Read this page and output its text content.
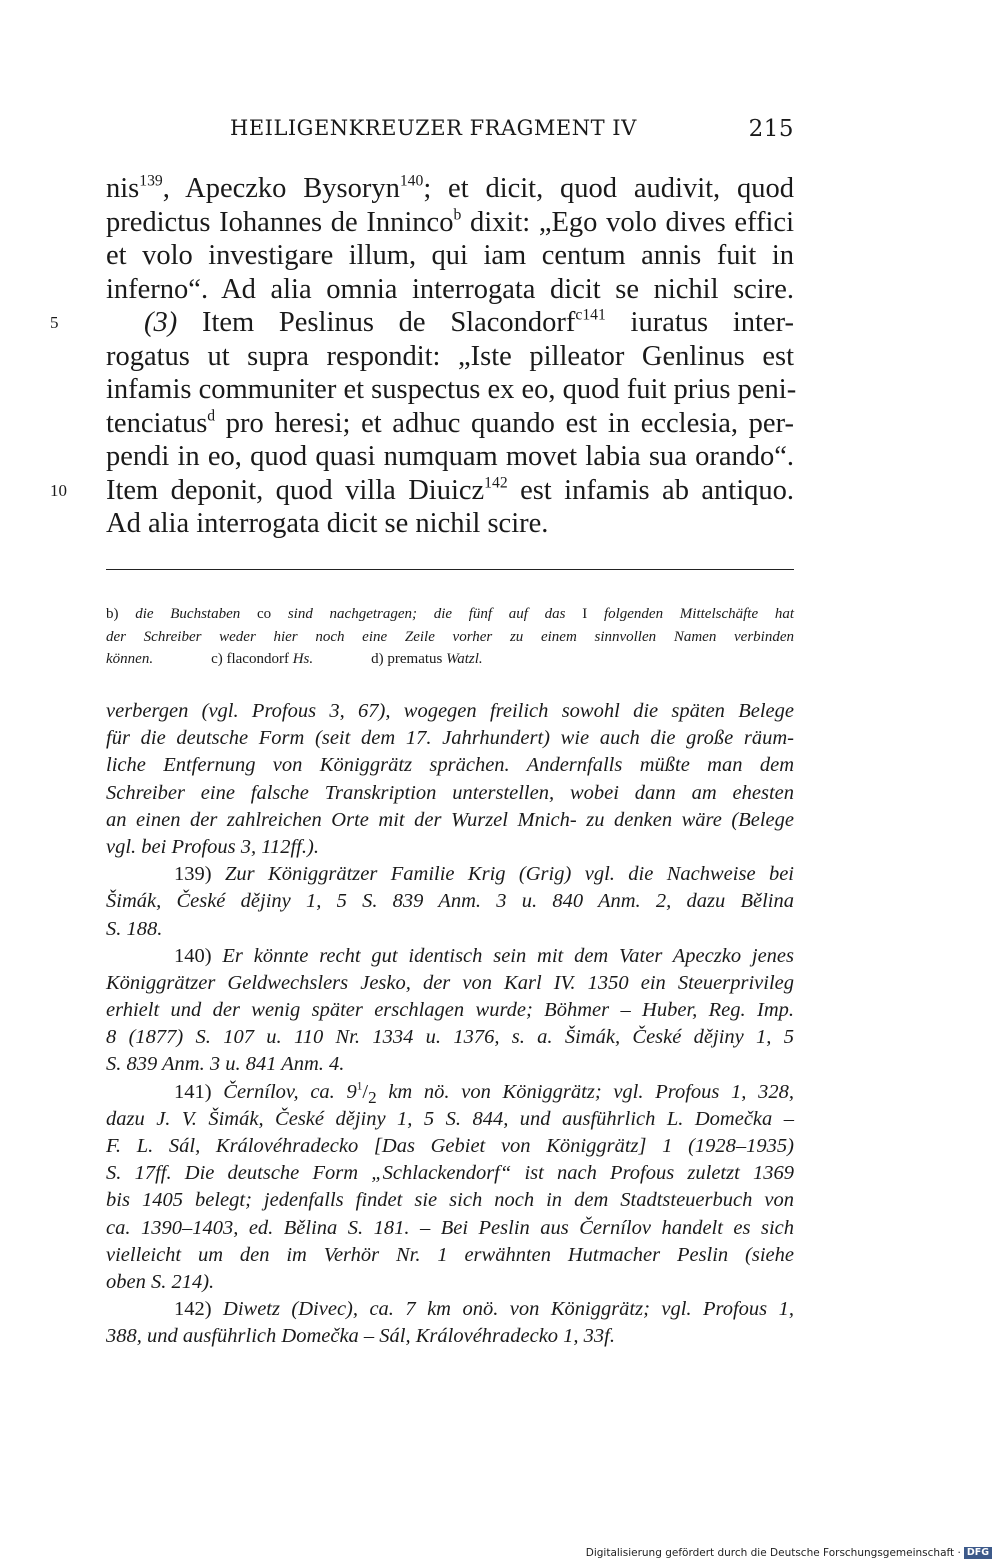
HEILIGENKREUZER FRAGMENT IV	215
nis$^{139}$, Apeczko Bysoryn$^{140}$; et dicit, quod audivit, quod
predictus Iohannes de Inninco$^b$ dixit: „Ego volo dives effici
et volo investigare illum, qui iam centum annis fuit in
inferno“. Ad alia omnia interrogata dicit se nichil scire.
5	(3) Item Peslinus de Slacondorf$^{c141}$ iuratus inter-
rogatus ut supra respondit: „Iste pilleator Genlinus est
infamis communiter et suspectus ex eo, quod fuit prius peni-
tenciatus$^d$ pro heresi; et adhuc quando est in ecclesia, per-
pendi in eo, quod quasi numquam movet labia sua orando“.
10 Item deponit, quod villa Diuicz$^{142}$ est infamis ab antiquo.
Ad alia interrogata dicit se nichil scire.
b) die Buchstaben co sind nachgetragen; die fünf auf das I folgenden Mittelschäfte hat
der Schreiber weder hier noch eine Zeile vorher zu einem sinnvollen Namen verbinden
können.	c) flacondorf Hs.	d) prematus Watzl.
verbergen (vgl. Profous 3, 67), wogegen freilich sowohl die späten Belege
für die deutsche Form (seit dem 17. Jahrhundert) wie auch die große räum-
liche Entfernung von Königgrätz sprächen. Andernfalls müßte man dem
Schreiber eine falsche Transkription unterstellen, wobei dann am ehesten
an einen der zahlreichen Orte mit der Wurzel Mnich- zu denken wäre (Belege
vgl. bei Profous 3, 112ff.).
139) Zur Königgrätzer Familie Krig (Grig) vgl. die Nachweise bei
Šimák, České dějiny 1, 5 S. 839 Anm. 3 u. 840 Anm. 2, dazu Bělina
S. 188.
140) Er könnte recht gut identisch sein mit dem Vater Apeczko jenes
Königgrätzer Geldwechslers Jesko, der von Karl IV. 1350 ein Steuerprivileg
erhielt und der wenig später erschlagen wurde; Böhmer – Huber, Reg. Imp.
8 (1877) S. 107 u. 110 Nr. 1334 u. 1376, s. a. Šimák, České dějiny 1, 5
S. 839 Anm. 3 u. 841 Anm. 4.
141) Černílov, ca. $9^1/_2$ km nö. von Königgrätz; vgl. Profous 1, 328,
dazu J. V. Šimák, České dějiny 1, 5 S. 844, und ausführlich L. Domečka –
F. L. Sál, Královéhradecko [Das Gebiet von Königgrätz] 1 (1928–1935)
S. 17ff. Die deutsche Form „Schlackendorf“ ist nach Profous zuletzt 1369
bis 1405 belegt; jedenfalls findet sie sich noch in dem Stadtsteuerbuch von
ca. 1390–1403, ed. Bělina S. 181. – Bei Peslin aus Černílov handelt es sich
vielleicht um den im Verhör Nr. 1 erwähnten Hutmacher Peslin (siehe
oben S. 214).
142) Diwetz (Divec), ca. 7 km onö. von Königgrätz; vgl. Profous 1,
388, und ausführlich Domečka – Sál, Královéhradecko 1, 33f.
Digitalisierung gefördert durch die Deutsche Forschungsgemeinschaft · DFG
